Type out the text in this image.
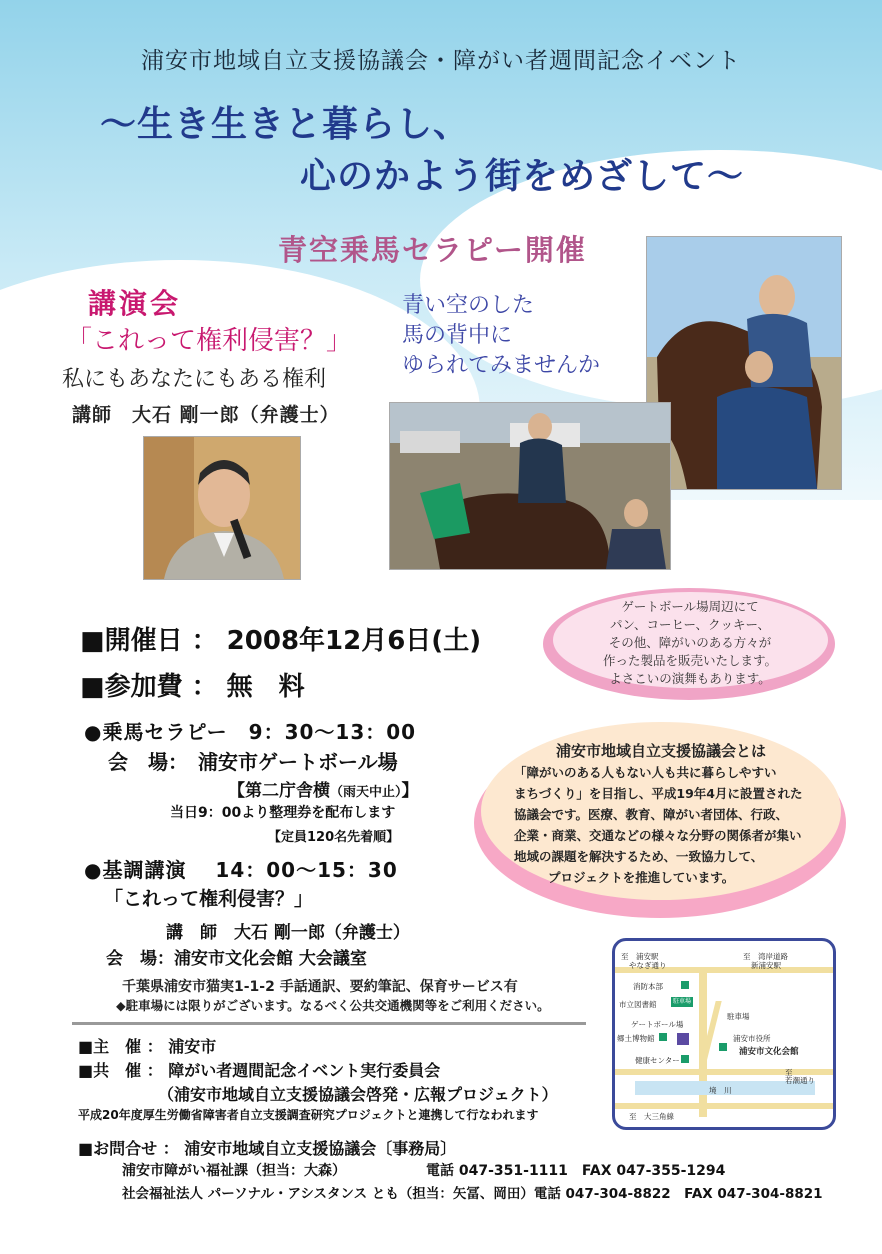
浦安市地域自立支援協議会・障がい者週間記念イベント
〜生き生きと暮らし、
心のかよう街をめざして〜
青空乗馬セラピー開催
講演会
「これって権利侵害？」
私にもあなたにもある権利
講師　大石 剛一郎（弁護士）
青い空のした
馬の背中に
ゆられてみませんか
ゲートボール場周辺にて
パン、コーヒー、クッキー、
その他、障がいのある方々が
作った製品を販売いたします。
よさこいの演舞もあります。
■開催日 ： 2008年12月6日(土)
■参加費 ： 無　料
●乗馬セラピー　9：30〜13：00
会　場：　浦安市ゲートボール場
【第二庁舎横（雨天中止）】
当日9：00より整理券を配布します
【定員120名先着順】
●基調講演　 14：00〜15：30
「これって権利侵害？」
講　師　大石 剛一郎（弁護士）
会　場：浦安市文化会館 大会議室
千葉県浦安市猫実1-1-2 手話通訳、要約筆記、保育サービス有
◆駐車場には限りがございます。なるべく公共交通機関等をご利用ください。
浦安市地域自立支援協議会とは
「障がいのある人もない人も共に暮らしやすい
まちづくり」を目指し、平成19年4月に設置された
協議会です。医療、教育、障がい者団体、行政、
企業・商業、交通などの様々な分野の関係者が集い
地域の課題を解決するため、一致協力して、
プロジェクトを推進しています。
■主　催 ： 浦安市
■共　催 ： 障がい者週間記念イベント実行委員会
（浦安市地域自立支援協議会啓発・広報プロジェクト）
平成20年度厚生労働省障害者自立支援調査研究プロジェクトと連携して行なわれます
■お問合せ ： 浦安市地域自立支援協議会〔事務局〕
浦安市障がい福祉課（担当：大森）	電話 047-351-1111　FAX 047-355-1294
社会福祉法人 パーソナル・アシスタンス とも（担当：矢冨、岡田）電話 047-304-8822　FAX 047-304-8821
至　浦安駅
やなぎ通り
至　湾岸道路
新浦安駅
消防本部
市立図書館	駐車場
駐車場
ゲートボール場
郷土博物館	浦安市役所
浦安市文化会館
健康センター
境　川
至
若潮通り
至　大三角線
